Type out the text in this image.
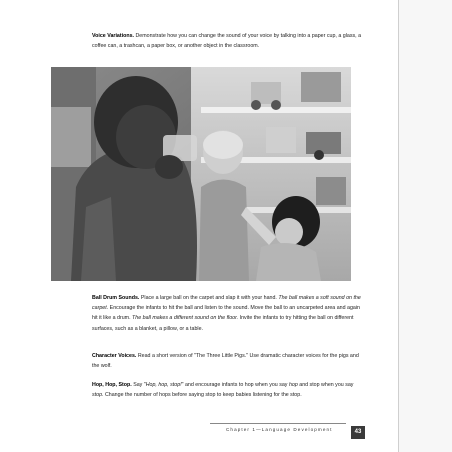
Voice Variations. Demonstrate how you can change the sound of your voice by talking into a paper cup, a glass, a coffee can, a trashcan, a paper box, or another object in the classroom.

Ball Drum Sounds. Place a large ball on the carpet and slap it with your hand. The ball makes a soft sound on the carpet. Encourage the infants to hit the ball and listen to the sound. Move the ball to an uncarpeted area and again hit it like a drum. The ball makes a different sound on the floor. Invite the infants to try hitting the ball on different surfaces, such as a blanket, a pillow, or a table.

Character Voices. Read a short version of "The Three Little Pigs." Use dramatic character voices for the pigs and the wolf.

Hop, Hop, Stop. Say "Hop, hop, stop!" and encourage infants to hop when you say hop and stop when you say stop. Change the number of hops before saying stop to keep babies listening for the stop.

Chapter 1—Language Development	43
